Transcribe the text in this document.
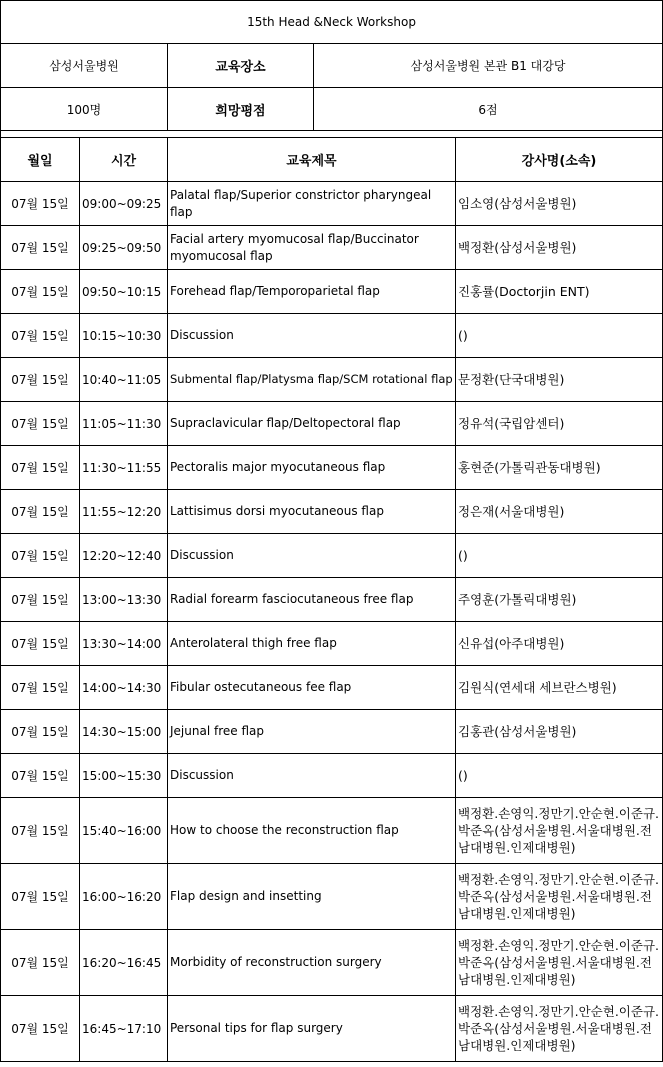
15th Head &Neck Workshop		
삼성서울병원	교육장소	삼성서울병원 본관 B1 대강당
100명	희망평점	6점

월일	시간	교육제목	강사명(소속)
07월 15일	09:00~09:25	Palatal flap/Superior constrictor pharyngeal flap	임소영(삼성서울병원)
07월 15일	09:25~09:50	Facial artery myomucosal flap/Buccinator myomucosal flap	백정환(삼성서울병원)
07월 15일	09:50~10:15	Forehead flap/Temporoparietal flap	진홍률(Doctorjin ENT)
07월 15일	10:15~10:30	Discussion	()
07월 15일	10:40~11:05	Submental flap/Platysma flap/SCM rotational flap	문정환(단국대병원)
07월 15일	11:05~11:30	Supraclavicular flap/Deltopectoral flap	정유석(국립암센터)
07월 15일	11:30~11:55	Pectoralis major myocutaneous flap	홍현준(가톨릭관동대병원)
07월 15일	11:55~12:20	Lattisimus dorsi myocutaneous flap	정은재(서울대병원)
07월 15일	12:20~12:40	Discussion	()
07월 15일	13:00~13:30	Radial forearm fasciocutaneous free flap	주영훈(가톨릭대병원)
07월 15일	13:30~14:00	Anterolateral thigh free flap	신유섭(아주대병원)
07월 15일	14:00~14:30	Fibular ostecutaneous fee flap	김원식(연세대 세브란스병원)
07월 15일	14:30~15:00	Jejunal free flap	김홍관(삼성서울병원)
07월 15일	15:00~15:30	Discussion	()
07월 15일	15:40~16:00	How to choose the reconstruction flap	백정환.손영익.정만기.안순현.이준규.박준옥(삼성서울병원.서울대병원.전남대병원.인제대병원)
07월 15일	16:00~16:20	Flap design and insetting	백정환.손영익.정만기.안순현.이준규.박준옥(삼성서울병원.서울대병원.전남대병원.인제대병원)
07월 15일	16:20~16:45	Morbidity of reconstruction surgery	백정환.손영익.정만기.안순현.이준규.박준옥(삼성서울병원.서울대병원.전남대병원.인제대병원)
07월 15일	16:45~17:10	Personal tips for flap surgery	백정환.손영익.정만기.안순현.이준규.박준옥(삼성서울병원.서울대병원.전남대병원.인제대병원)
